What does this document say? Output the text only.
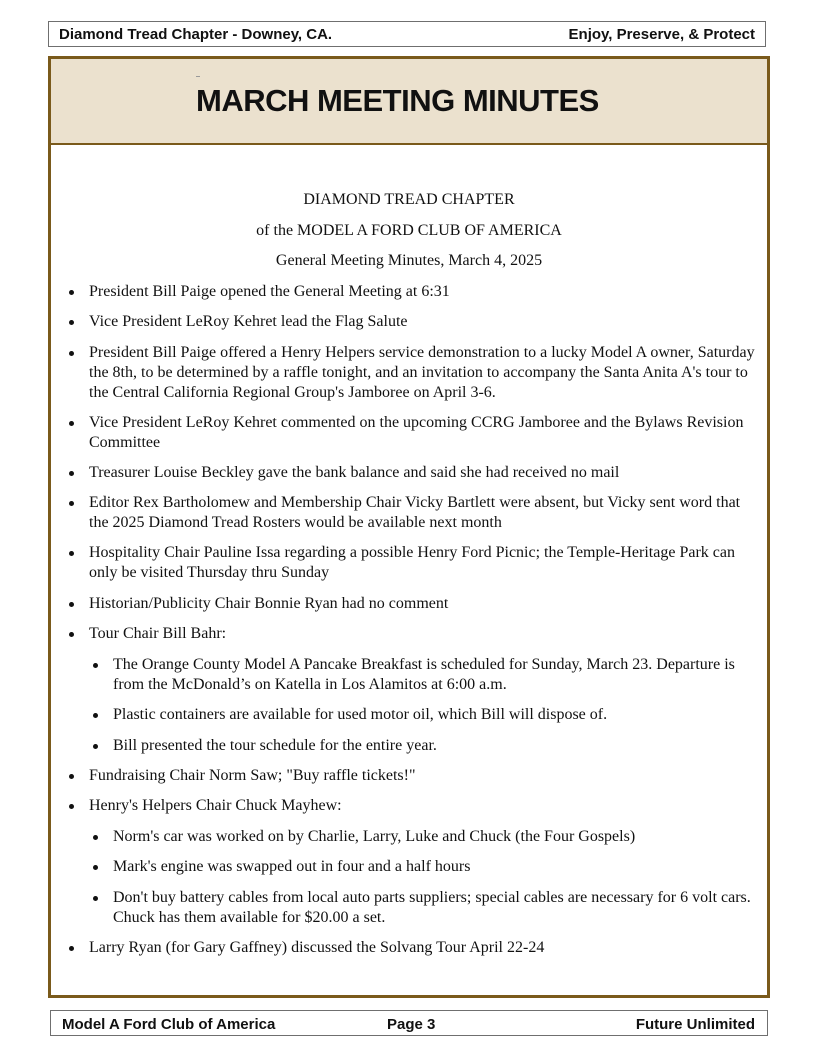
Diamond Tread Chapter - Downey, CA.	Enjoy, Preserve, & Protect
MARCH MEETING MINUTES
DIAMOND TREAD CHAPTER
of the MODEL A FORD CLUB OF AMERICA
General Meeting Minutes, March 4, 2025
President Bill Paige opened the General Meeting at 6:31
Vice President LeRoy Kehret lead the Flag Salute
President Bill Paige offered a Henry Helpers service demonstration to a lucky Model A owner, Saturday the 8th, to be determined by a raffle tonight, and an invitation to accompany the Santa Anita A's tour to the Central California Regional Group's Jamboree on April 3-6.
Vice President LeRoy Kehret commented on the upcoming CCRG Jamboree and the Bylaws Revision Committee
Treasurer Louise Beckley gave the bank balance and said she had received no mail
Editor Rex Bartholomew and Membership Chair Vicky Bartlett were absent, but Vicky sent word that the 2025 Diamond Tread Rosters would be available next month
Hospitality Chair Pauline Issa regarding a possible Henry Ford Picnic; the Temple-Heritage Park can only be visited Thursday thru Sunday
Historian/Publicity Chair Bonnie Ryan had no comment
Tour Chair Bill Bahr:
The Orange County Model A Pancake Breakfast is scheduled for Sunday, March 23. Departure is from the McDonald’s on Katella in Los Alamitos at 6:00 a.m.
Plastic containers are available for used motor oil, which Bill will dispose of.
Bill presented the tour schedule for the entire year.
Fundraising Chair Norm Saw; "Buy raffle tickets!"
Henry's Helpers Chair Chuck Mayhew:
Norm's car was worked on by Charlie, Larry, Luke and Chuck (the Four Gospels)
Mark's engine was swapped out in four and a half hours
Don't buy battery cables from local auto parts suppliers; special cables are necessary for 6 volt cars. Chuck has them available for $20.00 a set.
Larry Ryan (for Gary Gaffney) discussed the Solvang Tour April 22-24
Model A Ford Club of America	Page 3	Future Unlimited
